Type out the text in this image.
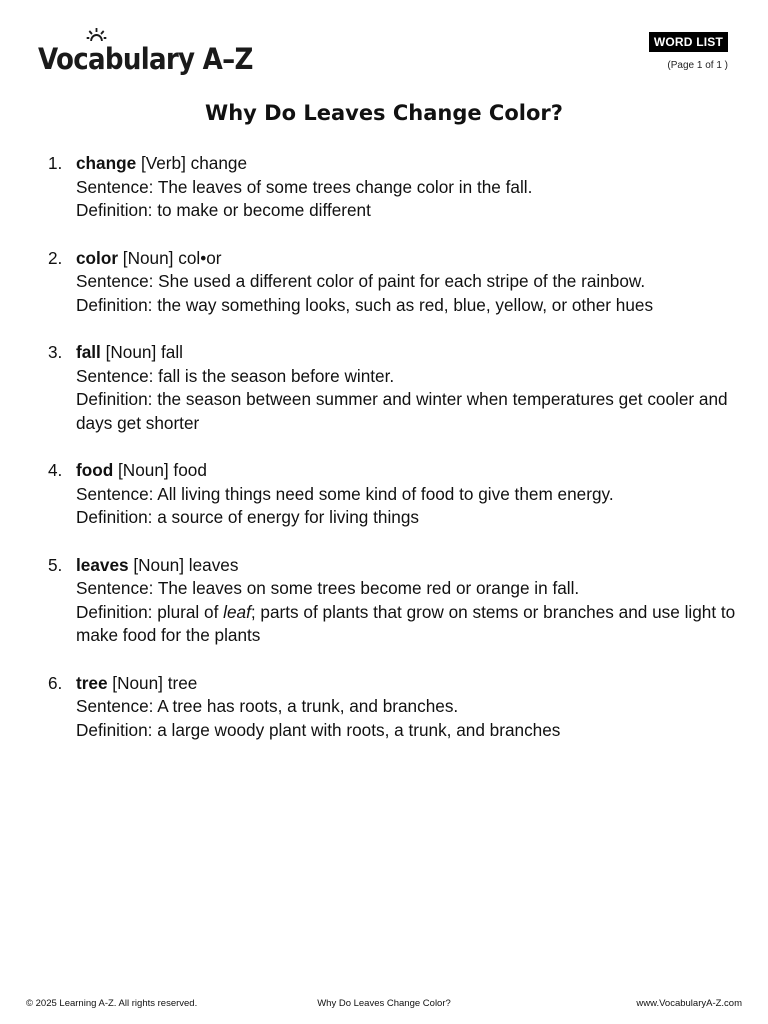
Voc
abulary A–Z	WORD LIST
(Page 1 of 1 )
Why Do Leaves Change Color?
1. change [Verb] change
Sentence: The leaves of some trees change color in the fall.
Definition: to make or become different
2. color [Noun] col•or
Sentence: She used a different color of paint for each stripe of the rainbow.
Definition: the way something looks, such as red, blue, yellow, or other hues
3. fall [Noun] fall
Sentence: fall is the season before winter.
Definition: the season between summer and winter when temperatures get cooler and days get shorter
4. food [Noun] food
Sentence: All living things need some kind of food to give them energy.
Definition: a source of energy for living things
5. leaves [Noun] leaves
Sentence: The leaves on some trees become red or orange in fall.
Definition: plural of leaf; parts of plants that grow on stems or branches and use light to make food for the plants
6. tree [Noun] tree
Sentence: A tree has roots, a trunk, and branches.
Definition: a large woody plant with roots, a trunk, and branches
© 2025 Learning A-Z. All rights reserved.	Why Do Leaves Change Color?	www.VocabularyA-Z.com
